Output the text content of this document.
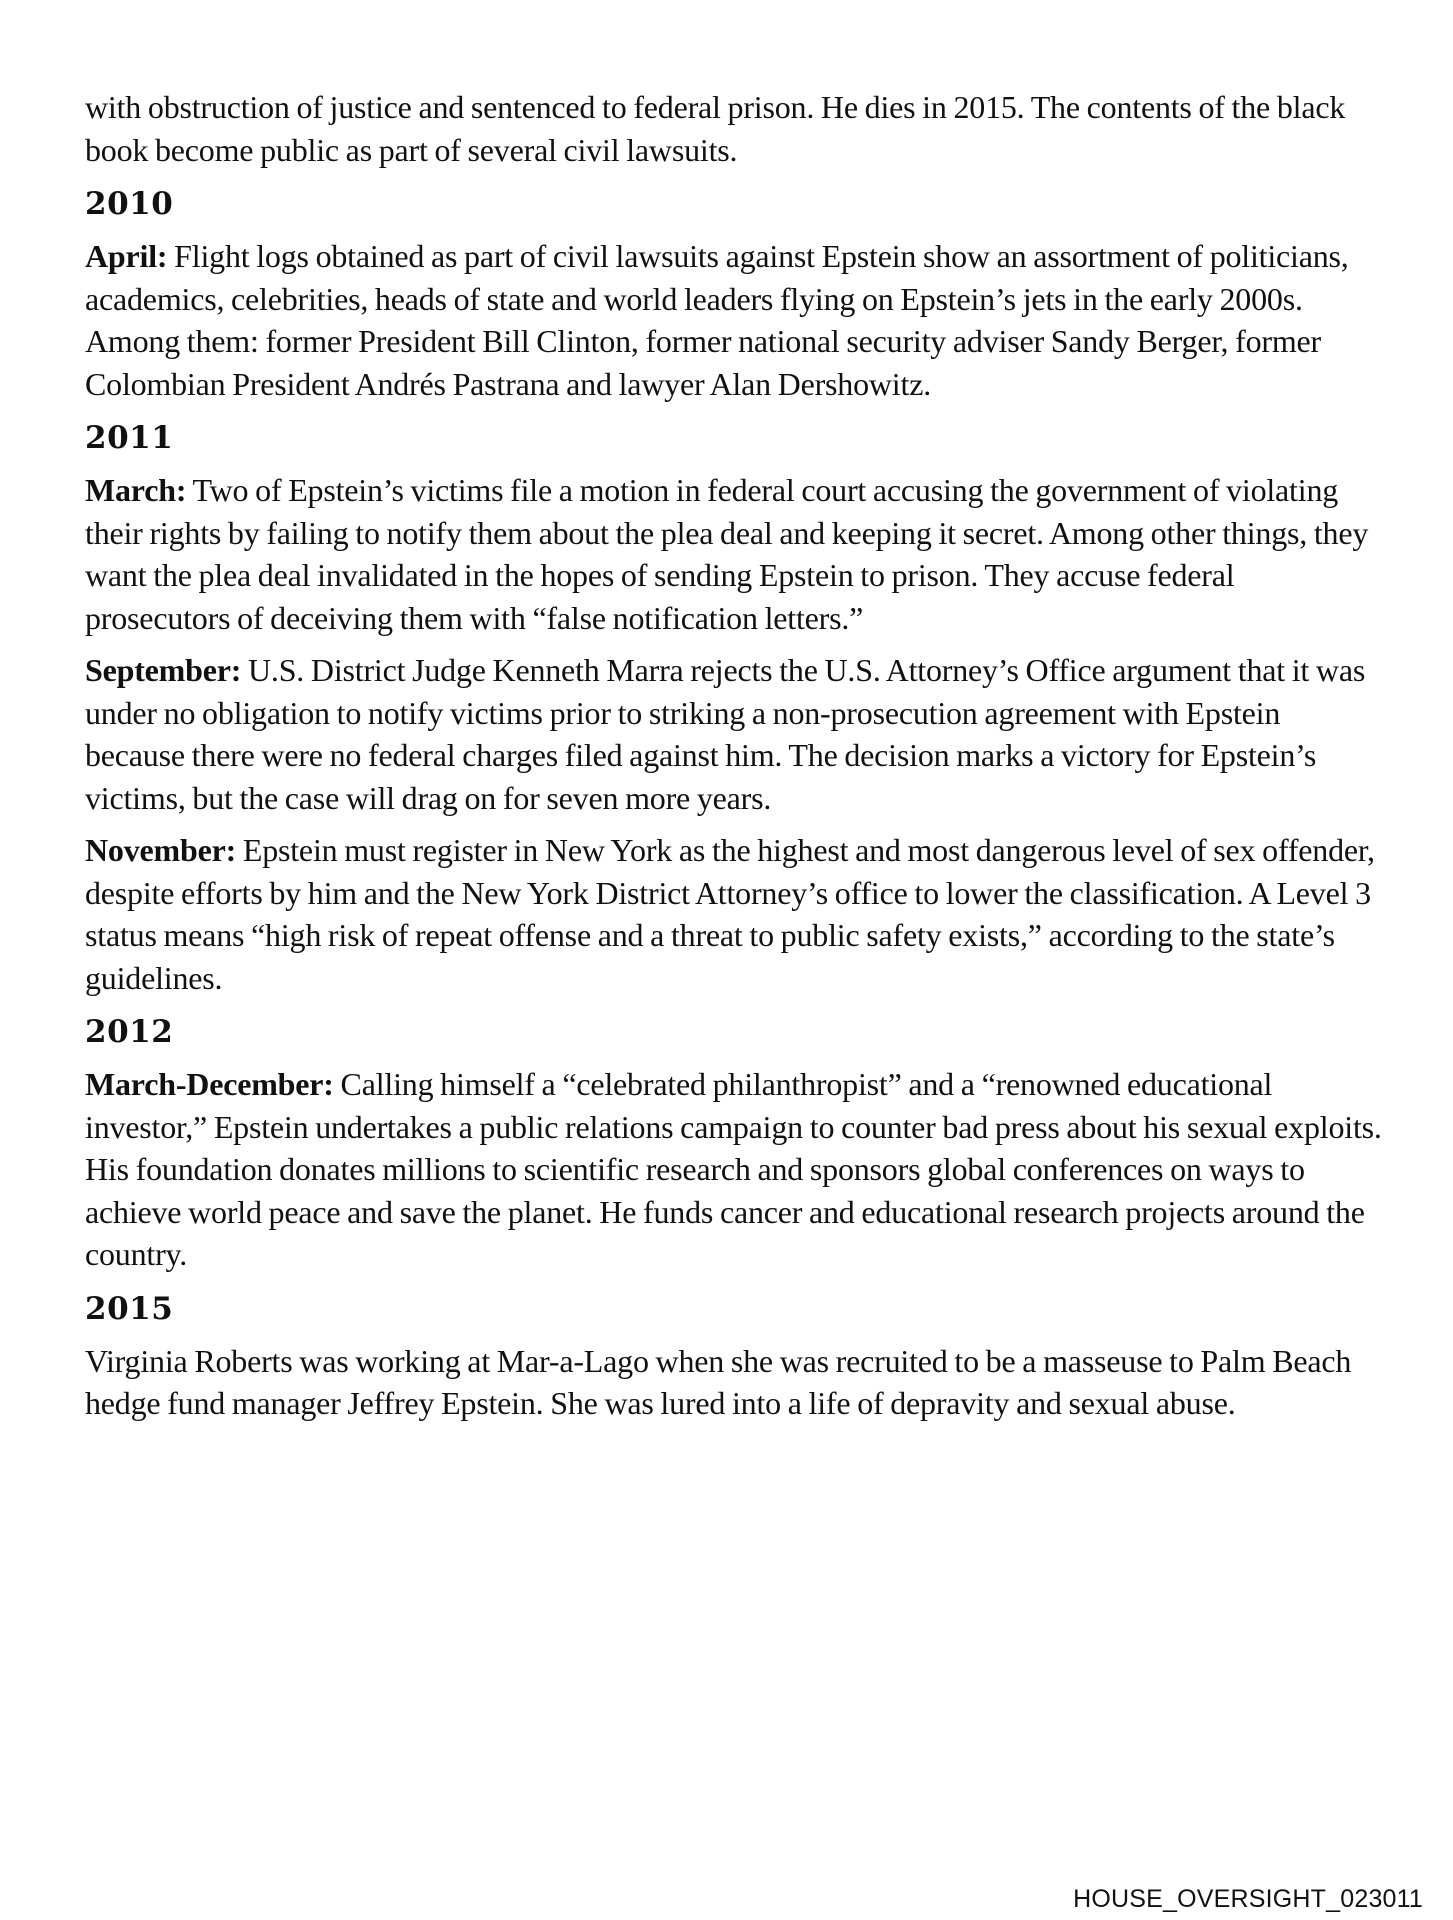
with obstruction of justice and sentenced to federal prison. He dies in 2015. The contents of the black book become public as part of several civil lawsuits.

2010

April: Flight logs obtained as part of civil lawsuits against Epstein show an assortment of politicians, academics, celebrities, heads of state and world leaders flying on Epstein’s jets in the early 2000s. Among them: former President Bill Clinton, former national security adviser Sandy Berger, former Colombian President Andrés Pastrana and lawyer Alan Dershowitz.

2011

March: Two of Epstein’s victims file a motion in federal court accusing the government of violating their rights by failing to notify them about the plea deal and keeping it secret. Among other things, they want the plea deal invalidated in the hopes of sending Epstein to prison. They accuse federal prosecutors of deceiving them with “false notification letters.”

September: U.S. District Judge Kenneth Marra rejects the U.S. Attorney’s Office argument that it was under no obligation to notify victims prior to striking a non-prosecution agreement with Epstein because there were no federal charges filed against him. The decision marks a victory for Epstein’s victims, but the case will drag on for seven more years.

November: Epstein must register in New York as the highest and most dangerous level of sex offender, despite efforts by him and the New York District Attorney’s office to lower the classification. A Level 3 status means “high risk of repeat offense and a threat to public safety exists,” according to the state’s guidelines.

2012

March-December: Calling himself a “celebrated philanthropist” and a “renowned educational investor,” Epstein undertakes a public relations campaign to counter bad press about his sexual exploits. His foundation donates millions to scientific research and sponsors global conferences on ways to achieve world peace and save the planet. He funds cancer and educational research projects around the country.

2015

Virginia Roberts was working at Mar-a-Lago when she was recruited to be a masseuse to Palm Beach hedge fund manager Jeffrey Epstein. She was lured into a life of depravity and sexual abuse.

HOUSE_OVERSIGHT_023011
